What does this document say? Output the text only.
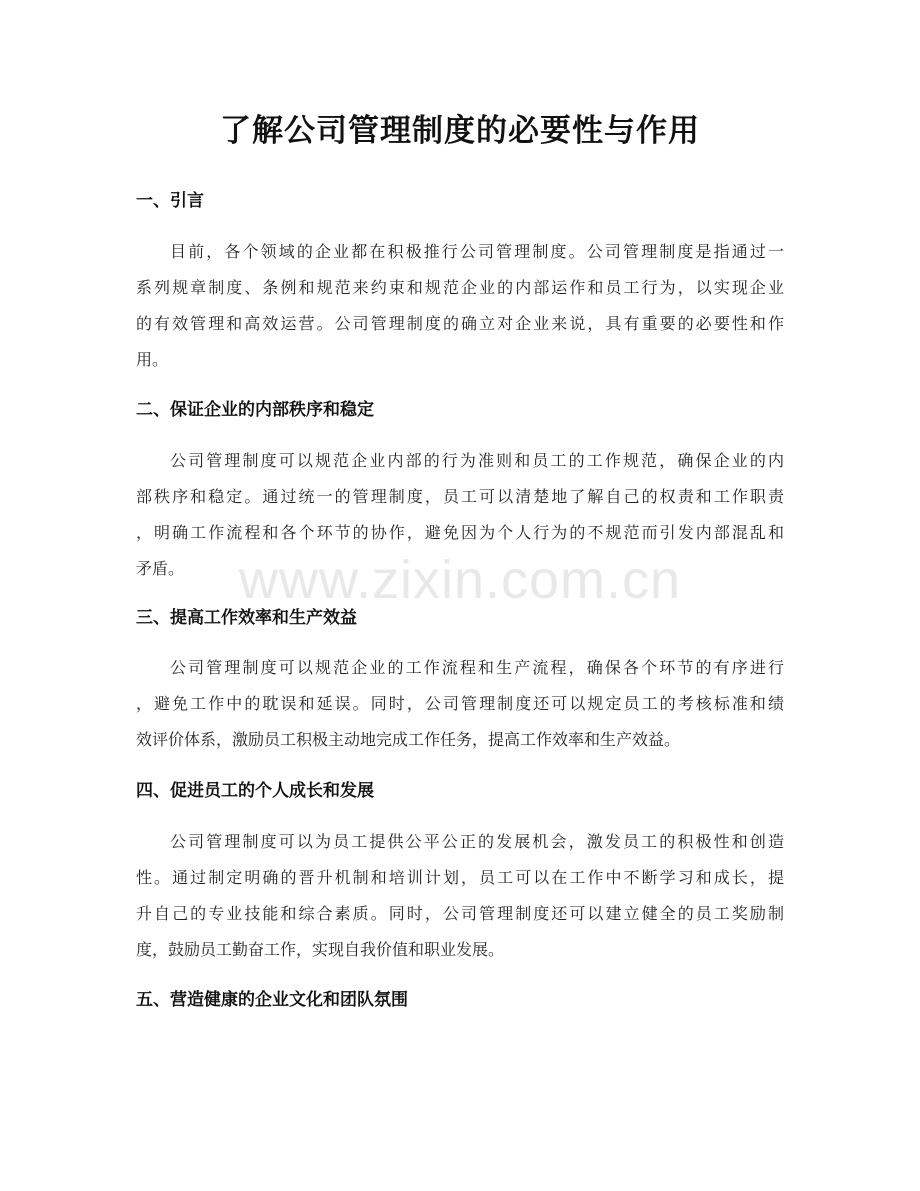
了解公司管理制度的必要性与作用
一、引言
目前，各个领域的企业都在积极推行公司管理制度。公司管理制度是指通过一
系列规章制度、条例和规范来约束和规范企业的内部运作和员工行为，以实现企业
的有效管理和高效运营。公司管理制度的确立对企业来说，具有重要的必要性和作
用。
二、保证企业的内部秩序和稳定
公司管理制度可以规范企业内部的行为准则和员工的工作规范，确保企业的内
部秩序和稳定。通过统一的管理制度，员工可以清楚地了解自己的权责和工作职责
，明确工作流程和各个环节的协作，避免因为个人行为的不规范而引发内部混乱和
矛盾。	www.zixin.com.cn
三、提高工作效率和生产效益
公司管理制度可以规范企业的工作流程和生产流程，确保各个环节的有序进行
，避免工作中的耽误和延误。同时，公司管理制度还可以规定员工的考核标准和绩
效评价体系，激励员工积极主动地完成工作任务，提高工作效率和生产效益。
四、促进员工的个人成长和发展
公司管理制度可以为员工提供公平公正的发展机会，激发员工的积极性和创造
性。通过制定明确的晋升机制和培训计划，员工可以在工作中不断学习和成长，提
升自己的专业技能和综合素质。同时，公司管理制度还可以建立健全的员工奖励制
度，鼓励员工勤奋工作，实现自我价值和职业发展。
五、营造健康的企业文化和团队氛围
